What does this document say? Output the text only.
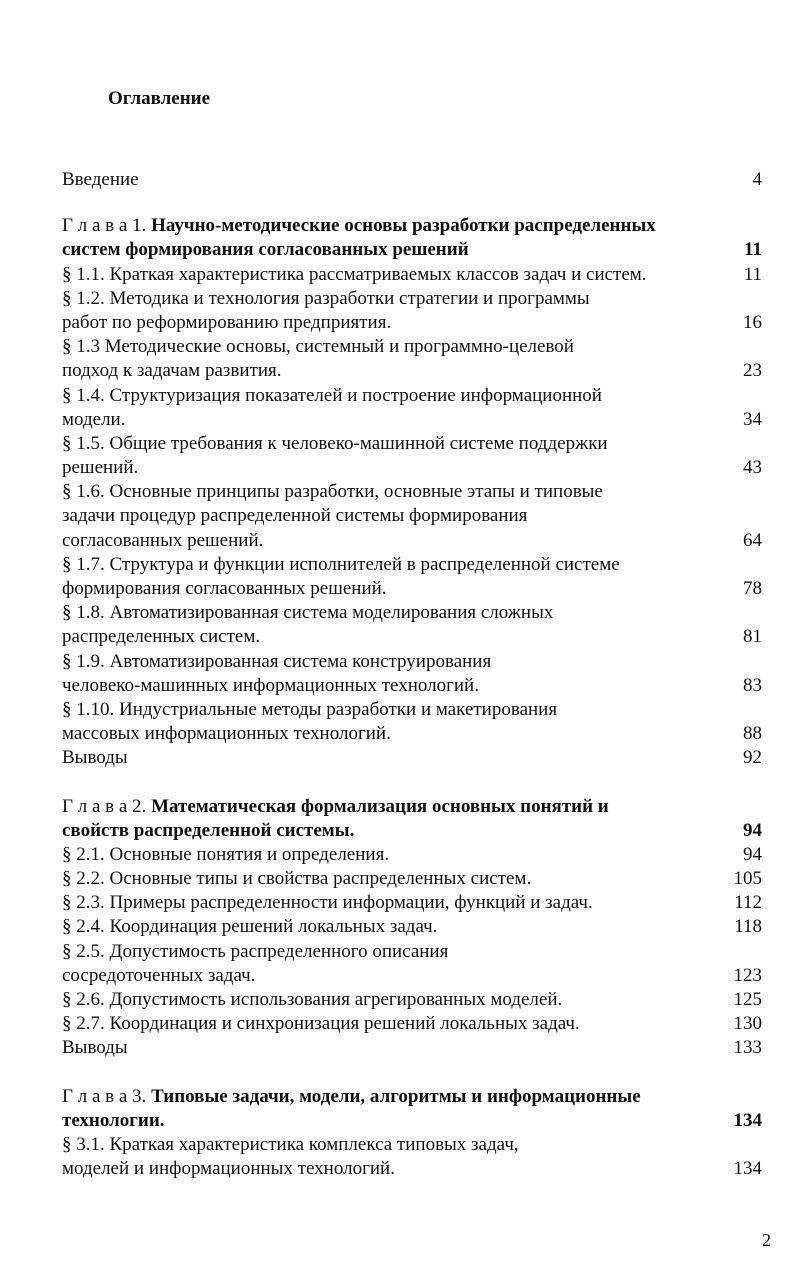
Оглавление
Введение	4
Г л а в а 1. Научно-методические основы разработки распределенных
систем формирования согласованных решений	11
§ 1.1. Краткая характеристика рассматриваемых классов задач и систем.	11
§ 1.2. Методика и технология разработки стратегии и программы
работ по реформированию предприятия.	16
§ 1.3 Методические основы, системный и программно-целевой
подход к задачам развития.	23
§ 1.4. Структуризация показателей и построение информационной
модели.	34
§ 1.5. Общие требования к человеко-машинной системе поддержки
решений.	43
§ 1.6. Основные принципы разработки, основные этапы и типовые
задачи процедур распределенной системы формирования
согласованных решений.	64
§ 1.7. Структура и функции исполнителей в распределенной системе
формирования согласованных решений.	78
§ 1.8. Автоматизированная система моделирования сложных
распределенных систем.	81
§ 1.9. Автоматизированная система конструирования
человеко-машинных информационных технологий.	83
§ 1.10. Индустриальные методы разработки и макетирования
массовых информационных технологий.	88
Выводы	92
Г л а в а 2. Математическая формализация основных понятий и
свойств распределенной системы.	94
§ 2.1. Основные понятия и определения.	94
§ 2.2. Основные типы и свойства распределенных систем.	105
§ 2.3. Примеры распределенности информации, функций и задач.	112
§ 2.4. Координация решений локальных задач.	118
§ 2.5. Допустимость распределенного описания
сосредоточенных задач.	123
§ 2.6. Допустимость использования агрегированных моделей.	125
§ 2.7. Координация и синхронизация решений локальных задач.	130
Выводы	133
Г л а в а 3. Типовые задачи, модели, алгоритмы и информационные
технологии.	134
§ 3.1. Краткая характеристика комплекса типовых задач,
моделей и информационных технологий.	134
2
